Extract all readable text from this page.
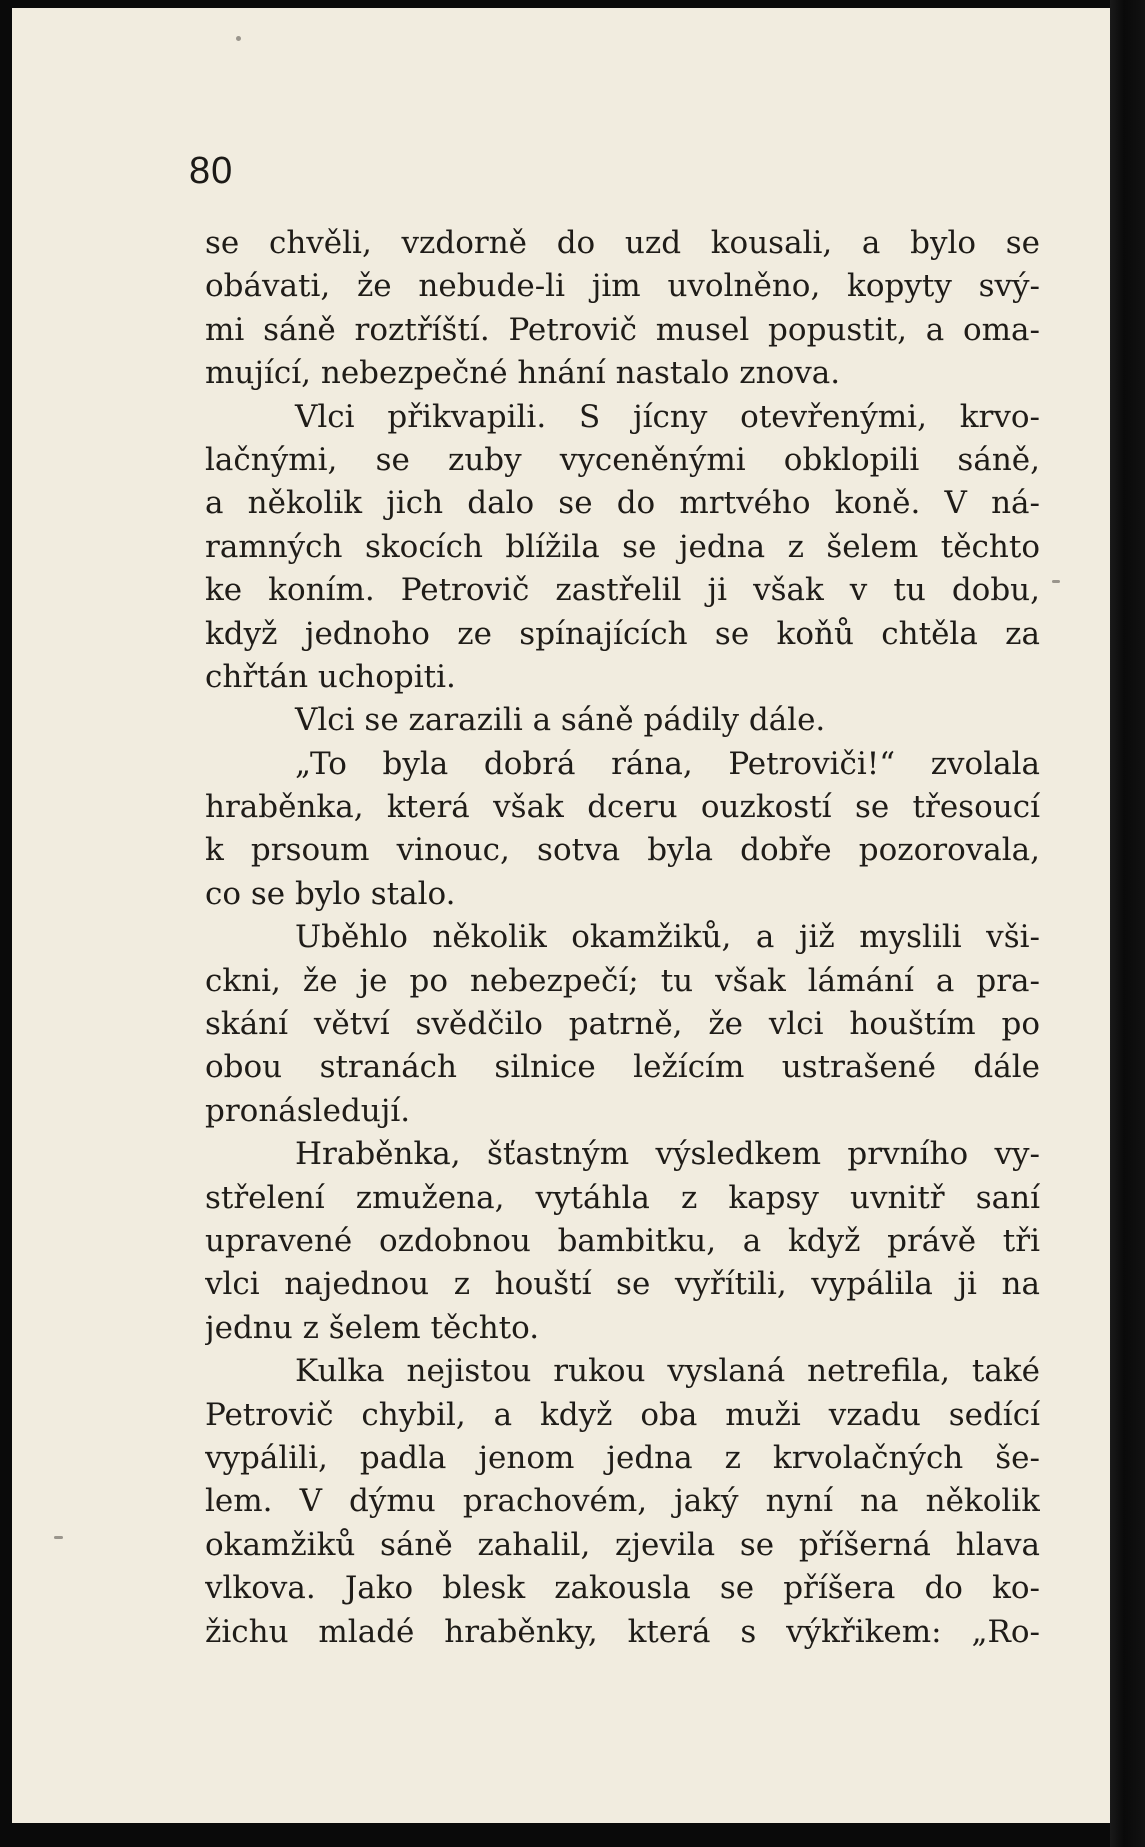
80
se chvěli, vzdorně do uzd kousali, a bylo se
obávati, že nebude-li jim uvolněno, kopyty svý-
mi sáně roztříští. Petrovič musel popustit, a oma-
mující, nebezpečné hnání nastalo znova.
Vlci přikvapili. S jícny otevřenými, krvo-
lačnými, se zuby vyceněnými obklopili sáně,
a několik jich dalo se do mrtvého koně. V ná-
ramných skocích blížila se jedna z šelem těchto
ke koním. Petrovič zastřelil ji však v tu dobu,
když jednoho ze spínajících se koňů chtěla za
chřtán uchopiti.
Vlci se zarazili a sáně pádily dále.
„To byla dobrá rána, Petroviči!“ zvolala
hraběnka, která však dceru ouzkostí se třesoucí
k prsoum vinouc, sotva byla dobře pozorovala,
co se bylo stalo.
Uběhlo několik okamžiků, a již myslili vši-
ckni, že je po nebezpečí; tu však lámání a pra-
skání větví svědčilo patrně, že vlci houštím po
obou stranách silnice ležícím ustrašené dále
pronásledují.
Hraběnka, šťastným výsledkem prvního vy-
střelení zmužena, vytáhla z kapsy uvnitř saní
upravené ozdobnou bambitku, a když právě tři
vlci najednou z houští se vyřítili, vypálila ji na
jednu z šelem těchto.
Kulka nejistou rukou vyslaná netrefila, také
Petrovič chybil, a když oba muži vzadu sedící
vypálili, padla jenom jedna z krvolačných še-
lem. V dýmu prachovém, jaký nyní na několik
okamžiků sáně zahalil, zjevila se příšerná hlava
vlkova. Jako blesk zakousla se příšera do ko-
žichu mladé hraběnky, která s výkřikem: „Ro-
